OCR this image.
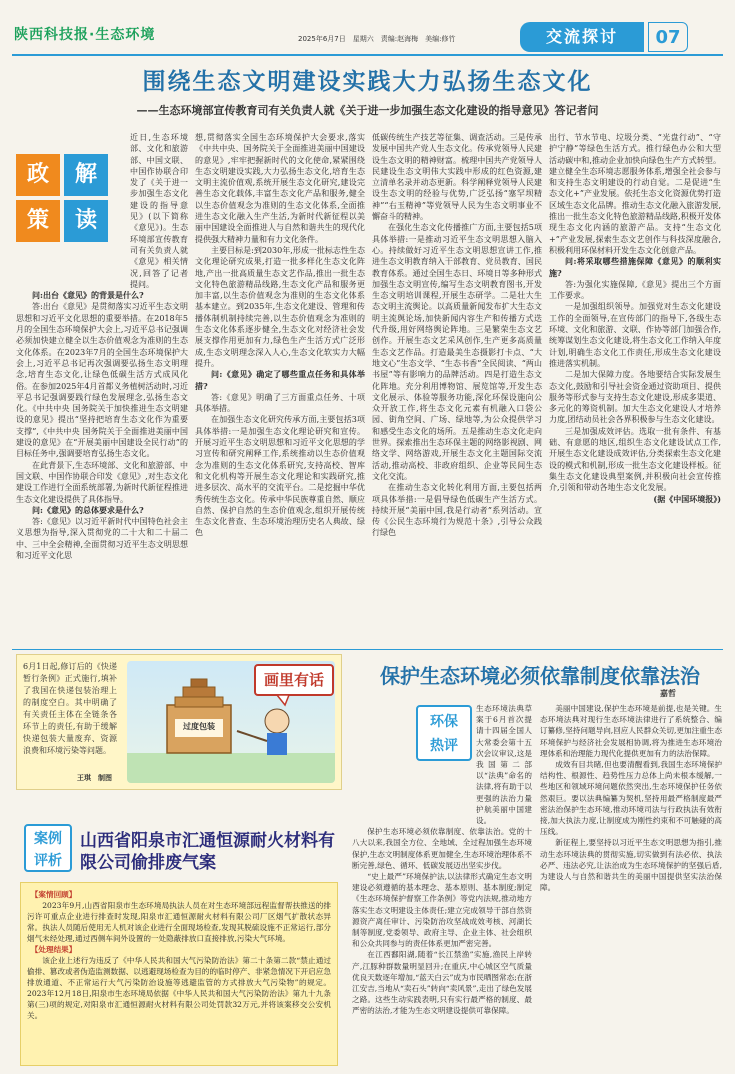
陕西科技报·生态环境	2025年6月7日　星期六　责编:赵海梅　美编:修竹	交流探讨	07
围绕生态文明建设实践大力弘扬生态文化
——生态环境部宣传教育司有关负责人就《关于进一步加强生态文化建设的指导意见》答记者问
政	解
策	读

近日,生态环境部、文化和旅游部、中国文联、中国作协联合印发了《关于进一步加强生态文化建设的指导意见》(以下简称《意见》)。生态环境部宣传教育司有关负责人就《意见》相关情况,回答了记者提问。

问:出台《意见》的背景是什么?

答:出台《意见》是贯彻落实习近平生态文明思想和习近平文化思想的重要举措。在2018年5月的全国生态环境保护大会上,习近平总书记强调必须加快建立健全以生态价值观念为准则的生态文化体系。在2023年7月的全国生态环境保护大会上,习近平总书记再次强调要弘扬生态文明理念,培育生态文化,让绿色低碳生活方式成风化俗。在参加2025年4月首都义务植树活动时,习近平总书记强调要践行绿色发展理念,弘扬生态文化。《中共中央 国务院关于加快推进生态文明建设的意见》提出“坚持把培育生态文化作为重要支撑”,《中共中央 国务院关于全面推进美丽中国建设的意见》在“开展美丽中国建设全民行动”的目标任务中,强调要培育弘扬生态文化。

在此背景下,生态环境部、文化和旅游部、中国文联、中国作协联合印发《意见》,对生态文化建设工作进行全面系统部署,为新时代新征程推进生态文化建设提供了具体指导。

问:《意见》的总体要求是什么?

答:《意见》以习近平新时代中国特色社会主义思想为指导,深入贯彻党的二十大和二十届二中、三中全会精神,全面贯彻习近平生态文明思想和习近平文化思

想,贯彻落实全国生态环境保护大会要求,落实《中共中央、国务院关于全面推进美丽中国建设的意见》,牢牢把握新时代的文化使命,紧紧围绕生态文明建设实践,大力弘扬生态文化,培育生态文明主流价值观,系统开展生态文化研究,建设完善生态文化载体,丰富生态文化产品和服务,健全以生态价值观念为准则的生态文化体系,全面推进生态文化融入生产生活,为新时代新征程以美丽中国建设全面推进人与自然和谐共生的现代化提供强大精神力量和有力文化条件。

主要目标是:到2030年,形成一批标志性生态文化理论研究成果,打造一批多样化生态文化阵地,产出一批高质量生态文艺作品,推出一批生态文化特色旅游精品线路,生态文化产品和服务更加丰富,以生态价值观念为准则的生态文化体系基本建立。到2035年,生态文化建设、管理和传播体制机制持续完善,以生态价值观念为准则的生态文化体系逐步健全,生态文化对经济社会发展支撑作用更加有力,绿色生产生活方式广泛形成,生态文明理念深入人心,生态文化软实力大幅提升。

问:《意见》确定了哪些重点任务和具体举措?

答:《意见》明确了三方面重点任务、十项具体举措。

在加强生态文化研究传承方面,主要包括3项具体举措:一是加强生态文化理论研究和宣传。开展习近平生态文明思想和习近平文化思想的学习宣传和研究阐释工作,系统推动以生态价值观念为准则的生态文化体系研究,支持高校、智库和文化机构等开展生态文化理论和实践研究,推进多层次、高水平的交流平台。二是挖掘中华优秀传统生态文化。传承中华民族尊重自然、顺应自然、保护自然的生态价值观念,组织开展传统生态文化普查、生态环境治理历史名人典故、绿色

低碳传统生产技艺等征集、调查活动。三是传承发展中国共产党人生态文化。传承党领导人民建设生态文明的精神财富。梳理中国共产党领导人民建设生态文明伟大实践中形成的红色资源,建立清单名录并动态更新。科学阐释党领导人民建设生态文明的经验与优势,广泛弘扬“塞罕坝精神”“右玉精神”等党领导人民为生态文明事业不懈奋斗的精神。

在强化生态文化传播推广方面,主要包括5项具体举措:一是推动习近平生态文明思想入脑入心。持续做好习近平生态文明思想宣讲工作,推进生态文明教育纳入干部教育、党员教育、国民教育体系。通过全国生态日、环境日等多种形式加强生态文明宣传,编写生态文明教育图书,开发生态文明培训课程,开展生态研学。二是壮大生态文明主流舆论。以高质量新闻发布扩大生态文明主流舆论场,加快新闻内容生产和传播方式迭代升级,用好网络舆论阵地。三是繁荣生态文艺创作。开展生态文艺采风创作,生产更多高质量生态文艺作品。打造最美生态摄影打卡点、“大地文心”生态文学、“生态书香”全民阅读、“两山书屋”等有影响力的品牌活动。四是打造生态文化阵地。充分利用博物馆、展览馆等,开发生态文化展示、体验等服务功能,深化环保设施向公众开放工作,将生态文化元素有机融入口袋公园、街角空间、广场、绿地等,为公众提供学习和感受生态文化的场所。五是推动生态文化走向世界。探索推出生态环保主题的网络影视剧、网络文学、网络游戏,开展生态文化主题国际交流活动,推动高校、非政府组织、企业等民间生态文化交流。

在推动生态文化转化利用方面,主要包括两项具体举措:一是倡导绿色低碳生产生活方式。持续开展“美丽中国,我是行动者”系列活动。宣传《公民生态环境行为规范十条》,引导公众践行绿色

出行、节水节电、垃圾分类、“光盘行动”、“守护宁静”等绿色生活方式。推行绿色办公和大型活动碳中和,推动企业加快向绿色生产方式转型。建立健全生态环境志愿服务体系,增强全社会参与和支持生态文明建设的行动自觉。二是促进“生态文化+”产业发展。依托生态文化资源优势打造区域生态文化品牌。推动生态文化融入旅游发展,推出一批生态文化特色旅游精品线路,积极开发体现生态文化内涵的旅游产品。支持“生态文化+”产业发展,探索生态文艺创作与科技深度融合,积极利用环保材料开发生态文化创意产品。

问:将采取哪些措施保障《意见》的顺利实施?

答:为强化实施保障,《意见》提出三个方面工作要求。

一是加强组织领导。加强党对生态文化建设工作的全面领导,在宣传部门的指导下,各级生态环境、文化和旅游、文联、作协等部门加强合作,统筹谋划生态文化建设,将生态文化工作纳入年度计划,明确生态文化工作责任,形成生态文化建设推进落实机制。

二是加大保障力度。各地要结合实际发展生态文化,鼓励和引导社会资金通过资助项目、提供服务等形式参与支持生态文化建设,形成多渠道、多元化的筹资机制。加大生态文化建设人才培养力度,团结动员社会各界积极参与生态文化建设。

三是加强成效评估。选取一批有条件、有基础、有意愿的地区,组织生态文化建设试点工作,开展生态文化建设成效评估,分类探索生态文化建设的模式和机制,形成一批生态文化建设样板。征集生态文化建设典型案例,并积极向社会宣传推介,引领和带动各地生态文化发展。

(据《中国环境报》)

6月1日起,修订后的《快递暂行条例》正式施行,填补了我国在快递包装治理上的制度空白。其中明确了有关责任主体在全链条各环节上的责任,有助于缓解快递包装大量废弃、资源浪费和环境污染等问题。
画里有话
过度包装
王琪　制图
案例
评析
山西省阳泉市汇通恒源耐火材料有限公司偷排废气案

【案情回顾】

2023年9月,山西省阳泉市生态环境局执法人员在对生态环境部远程监督帮扶推送的排污许可重点企业进行排查时发现,阳泉市汇通恒源耐火材料有限公司厂区烟气扩散状态异常。执法人员随后使用无人机对该企业进行全面现场检查,发现其脱硫设施不正常运行,部分烟气未经处理,通过西侧车间外设置的一处隐蔽排放口直接排放,污染大气环境。

【处理结果】

该企业上述行为违反了《中华人民共和国大气污染防治法》第二十条第二款“禁止通过偷排、篡改或者伪造监测数据、以逃避现场检查为目的的临时停产、非紧急情况下开启应急排放通道、不正常运行大气污染防治设施等逃避监管的方式排放大气污染物”的规定。2023年12月18日,阳泉市生态环境局依据《中华人民共和国大气污染防治法》第九十九条第(三)项的规定,对阳泉市汇通恒源耐火材料有限公司处罚款32万元,并将该案移交公安机关。

保护生态环境必须依靠制度依靠法治
嘉哲
环保
热评

生态环境法典草案于6月首次提请十四届全国人大常委会第十五次会议审议,这是我国第二部以“法典”命名的法律,将有助于以更强的法治力量护航美丽中国建设。

保护生态环境必须依靠制度、依靠法治。党的十八大以来,我国全方位、全地域、全过程加强生态环境保护,生态文明制度体系更加健全,生态环境治理体系不断完善,绿色、循环、低碳发展迈出坚实步伐。

“史上最严”环境保护法,以法律形式确定生态文明建设必须遵循的基本理念、基本原则、基本制度;制定《生态环境保护督察工作条例》等党内法规,推动地方落实生态文明建设主体责任;建立完成领导干部自然资源资产离任审计、污染防治攻坚战成效考核、河湖长制等制度,党委领导、政府主导、企业主体、社会组织和公众共同参与的责任体系更加严密完善。

在江西鄱阳湖,随着“长江禁渔”实施,渔民上岸转产,江豚种群数量明显回升;在重庆,中心城区空气质量优良天数逐年增加,“蓝天白云”成为市民晒图常态;在浙江安吉,当地从“卖石头”转向“卖风景”,走出了绿色发展之路。这些生动实践表明,只有实行最严格的制度、最严密的法治,才能为生态文明建设提供可靠保障。

美丽中国建设,保护生态环境是前提,也是关键。生态环境法典对现行生态环境法律进行了系统整合、编订纂修,坚持问题导向,回应人民群众关切,更加注重生态环境保护与经济社会发展相协调,将为推进生态环境治理体系和治理能力现代化提供更加有力的法治保障。

成效有目共睹,但也要清醒看到,我国生态环境保护结构性、根源性、趋势性压力总体上尚未根本缓解,一些地区和领域环境问题依然突出,生态环境保护任务依然艰巨。要以法典编纂为契机,坚持用最严格制度最严密法治保护生态环境,推动环境司法与行政执法有效衔接,加大执法力度,让制度成为刚性约束和不可触碰的高压线。

新征程上,要坚持以习近平生态文明思想为指引,推动生态环境法典的贯彻实施,切实做到有法必依、执法必严、违法必究,让法治成为生态环境保护的坚强后盾,为建设人与自然和谐共生的美丽中国提供坚实法治保障。
